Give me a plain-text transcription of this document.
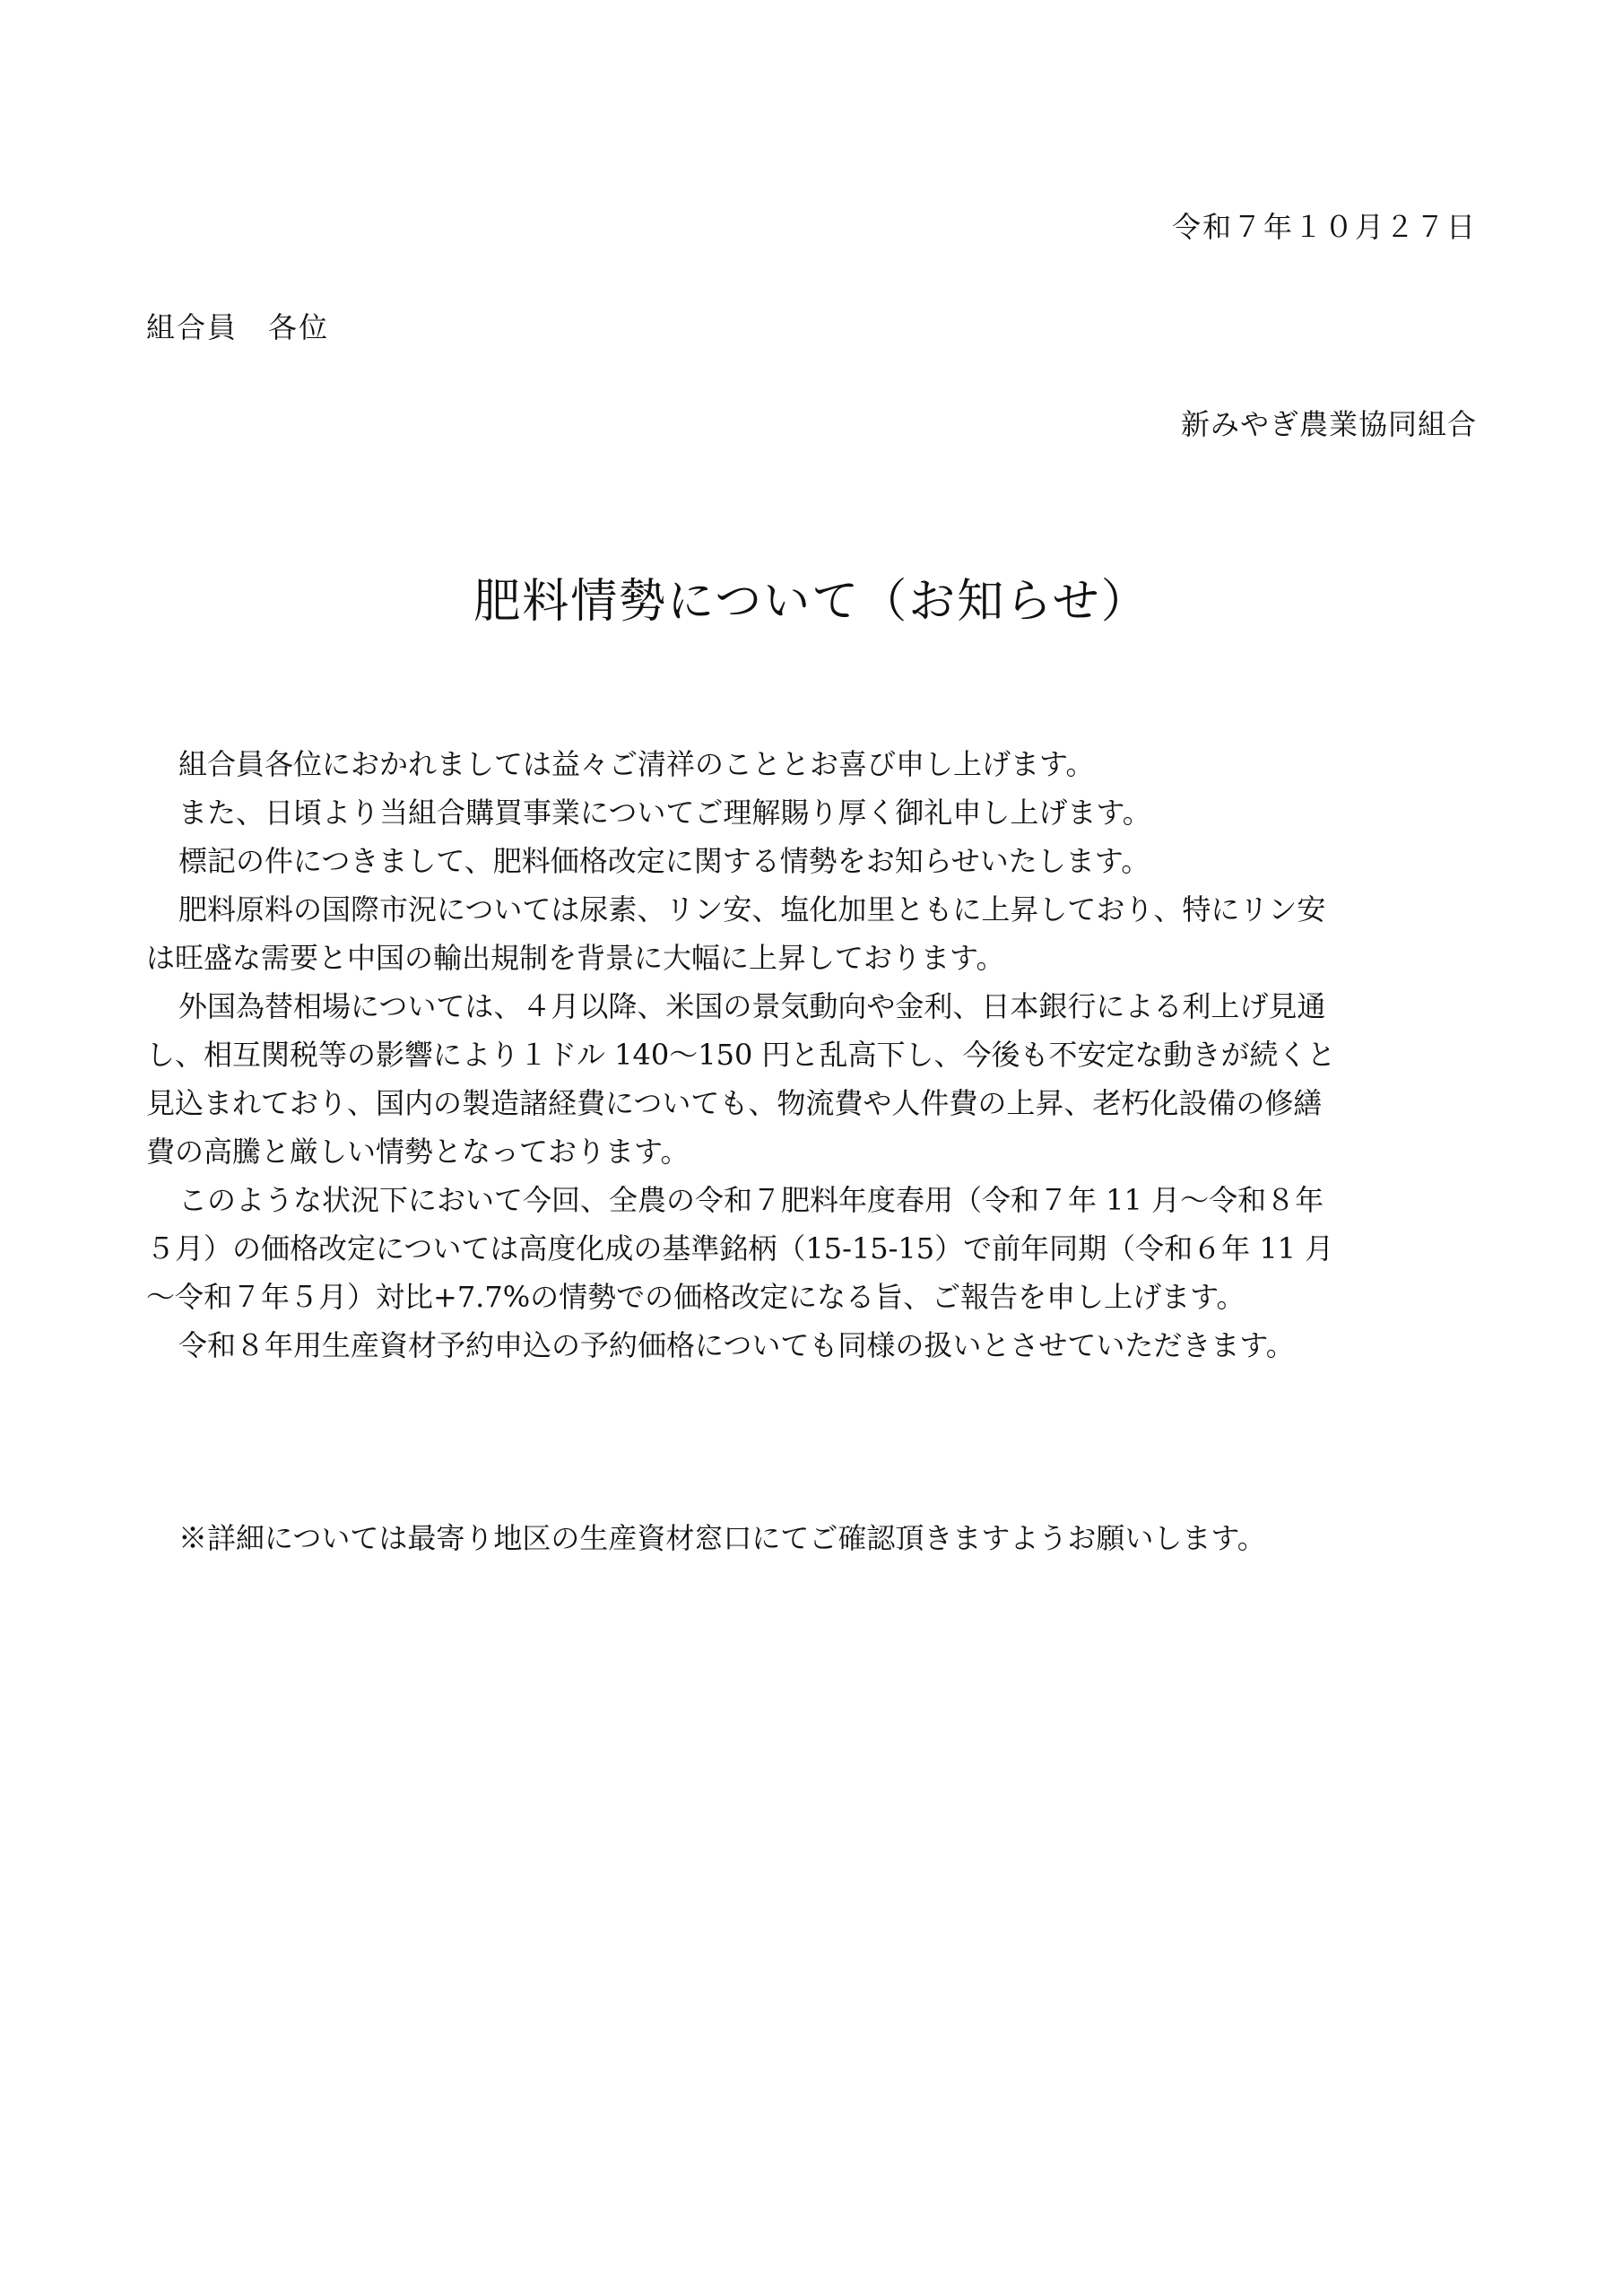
令和７年１０月２７日
組合員　各位
新みやぎ農業協同組合
肥料情勢について（お知らせ）
組合員各位におかれましては益々ご清祥のこととお喜び申し上げます。
また、日頃より当組合購買事業についてご理解賜り厚く御礼申し上げます。
標記の件につきまして、肥料価格改定に関する情勢をお知らせいたします。
肥料原料の国際市況については尿素、リン安、塩化加里ともに上昇しており、特にリン安
は旺盛な需要と中国の輸出規制を背景に大幅に上昇しております。
外国為替相場については、４月以降、米国の景気動向や金利、日本銀行による利上げ見通
し、相互関税等の影響により１ドル 140～150 円と乱高下し、今後も不安定な動きが続くと
見込まれており、国内の製造諸経費についても、物流費や人件費の上昇、老朽化設備の修繕
費の高騰と厳しい情勢となっております。
このような状況下において今回、全農の令和７肥料年度春用（令和７年 11 月～令和８年
５月）の価格改定については高度化成の基準銘柄（15-15-15）で前年同期（令和６年 11 月
～令和７年５月）対比+7.7%の情勢での価格改定になる旨、ご報告を申し上げます。
令和８年用生産資材予約申込の予約価格についても同様の扱いとさせていただきます。
※詳細については最寄り地区の生産資材窓口にてご確認頂きますようお願いします。
